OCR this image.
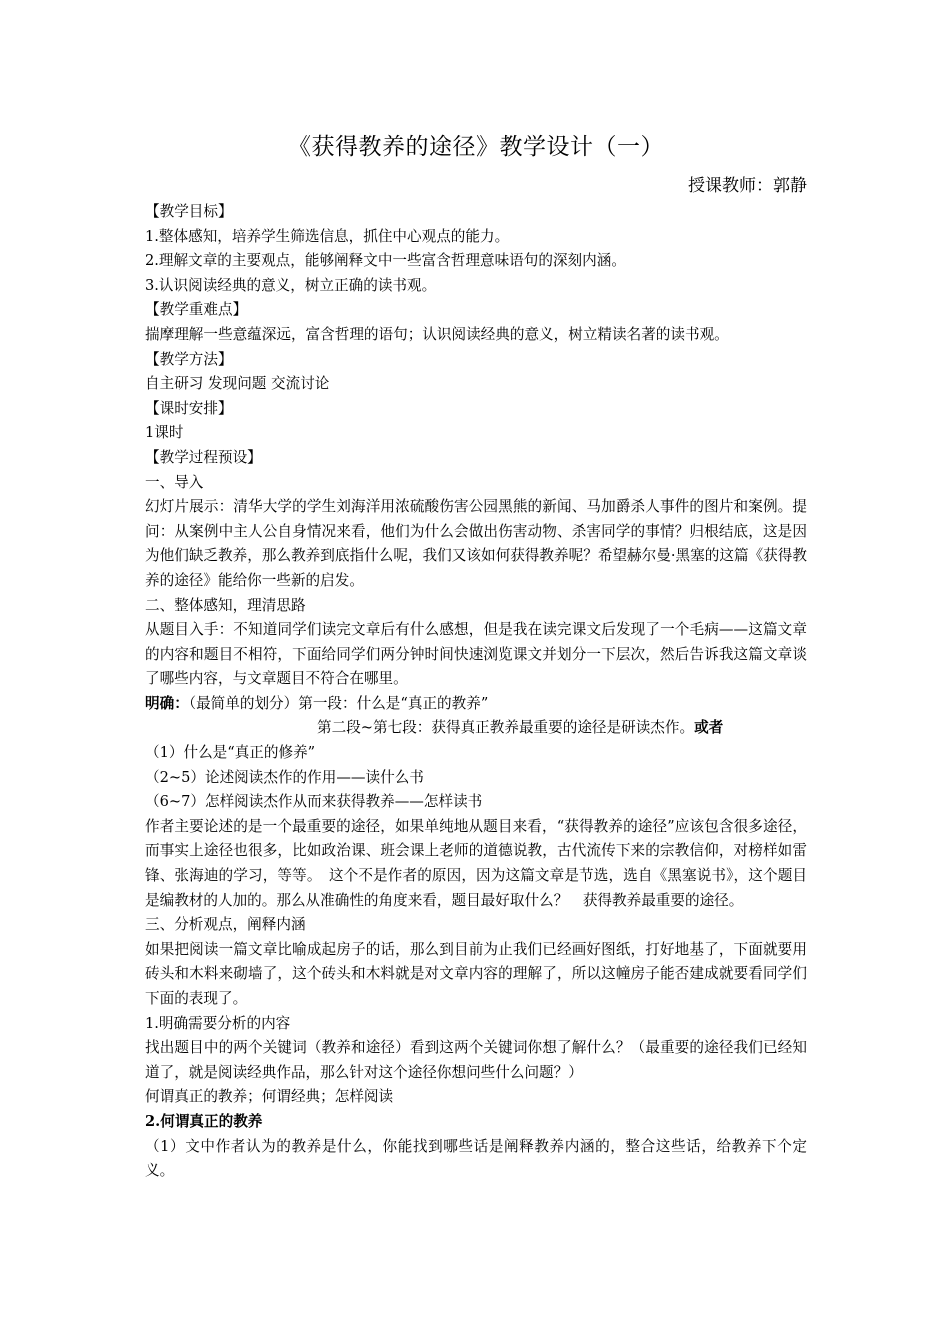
《获得教养的途径》教学设计（一）

授课教师：郭静

【教学目标】

1.整体感知，培养学生筛选信息，抓住中心观点的能力。

2.理解文章的主要观点，能够阐释文中一些富含哲理意味语句的深刻内涵。

3.认识阅读经典的意义，树立正确的读书观。

【教学重难点】

揣摩理解一些意蕴深远，富含哲理的语句；认识阅读经典的意义，树立精读名著的读书观。

【教学方法】

自主研习 发现问题 交流讨论

【课时安排】

1课时

【教学过程预设】

一、导入

幻灯片展示：清华大学的学生刘海洋用浓硫酸伤害公园黑熊的新闻、马加爵杀人事件的图片和案例。提问：从案例中主人公自身情况来看，他们为什么会做出伤害动物、杀害同学的事情？归根结底，这是因为他们缺乏教养，那么教养到底指什么呢，我们又该如何获得教养呢？希望赫尔曼·黑塞的这篇《获得教养的途径》能给你一些新的启发。

二、整体感知，理清思路

从题目入手：不知道同学们读完文章后有什么感想，但是我在读完课文后发现了一个毛病——这篇文章的内容和题目不相符，下面给同学们两分钟时间快速浏览课文并划分一下层次，然后告诉我这篇文章谈了哪些内容，与文章题目不符合在哪里。

明确：（最简单的划分）第一段：什么是“真正的教养”

第二段~第七段：获得真正教养最重要的途径是研读杰作。或者

（1）什么是“真正的修养”

（2~5）论述阅读杰作的作用——读什么书

（6~7）怎样阅读杰作从而来获得教养——怎样读书

作者主要论述的是一个最重要的途径，如果单纯地从题目来看，“获得教养的途径”应该包含很多途径，而事实上途径也很多，比如政治课、班会课上老师的道德说教，古代流传下来的宗教信仰，对榜样如雷锋、张海迪的学习，等等。　这个不是作者的原因，因为这篇文章是节选，选自《黑塞说书》，这个题目是编教材的人加的。那么从准确性的角度来看，题目最好取什么？　获得教养最重要的途径。

三、分析观点，阐释内涵

如果把阅读一篇文章比喻成起房子的话，那么到目前为止我们已经画好图纸，打好地基了，下面就要用砖头和木料来砌墙了，这个砖头和木料就是对文章内容的理解了，所以这幢房子能否建成就要看同学们下面的表现了。

1.明确需要分析的内容

找出题目中的两个关键词（教养和途径）看到这两个关键词你想了解什么？（最重要的途径我们已经知道了，就是阅读经典作品，那么针对这个途径你想问些什么问题？）

何谓真正的教养；何谓经典；怎样阅读

2.何谓真正的教养

（1）文中作者认为的教养是什么，你能找到哪些话是阐释教养内涵的，整合这些话，给教养下个定义。
